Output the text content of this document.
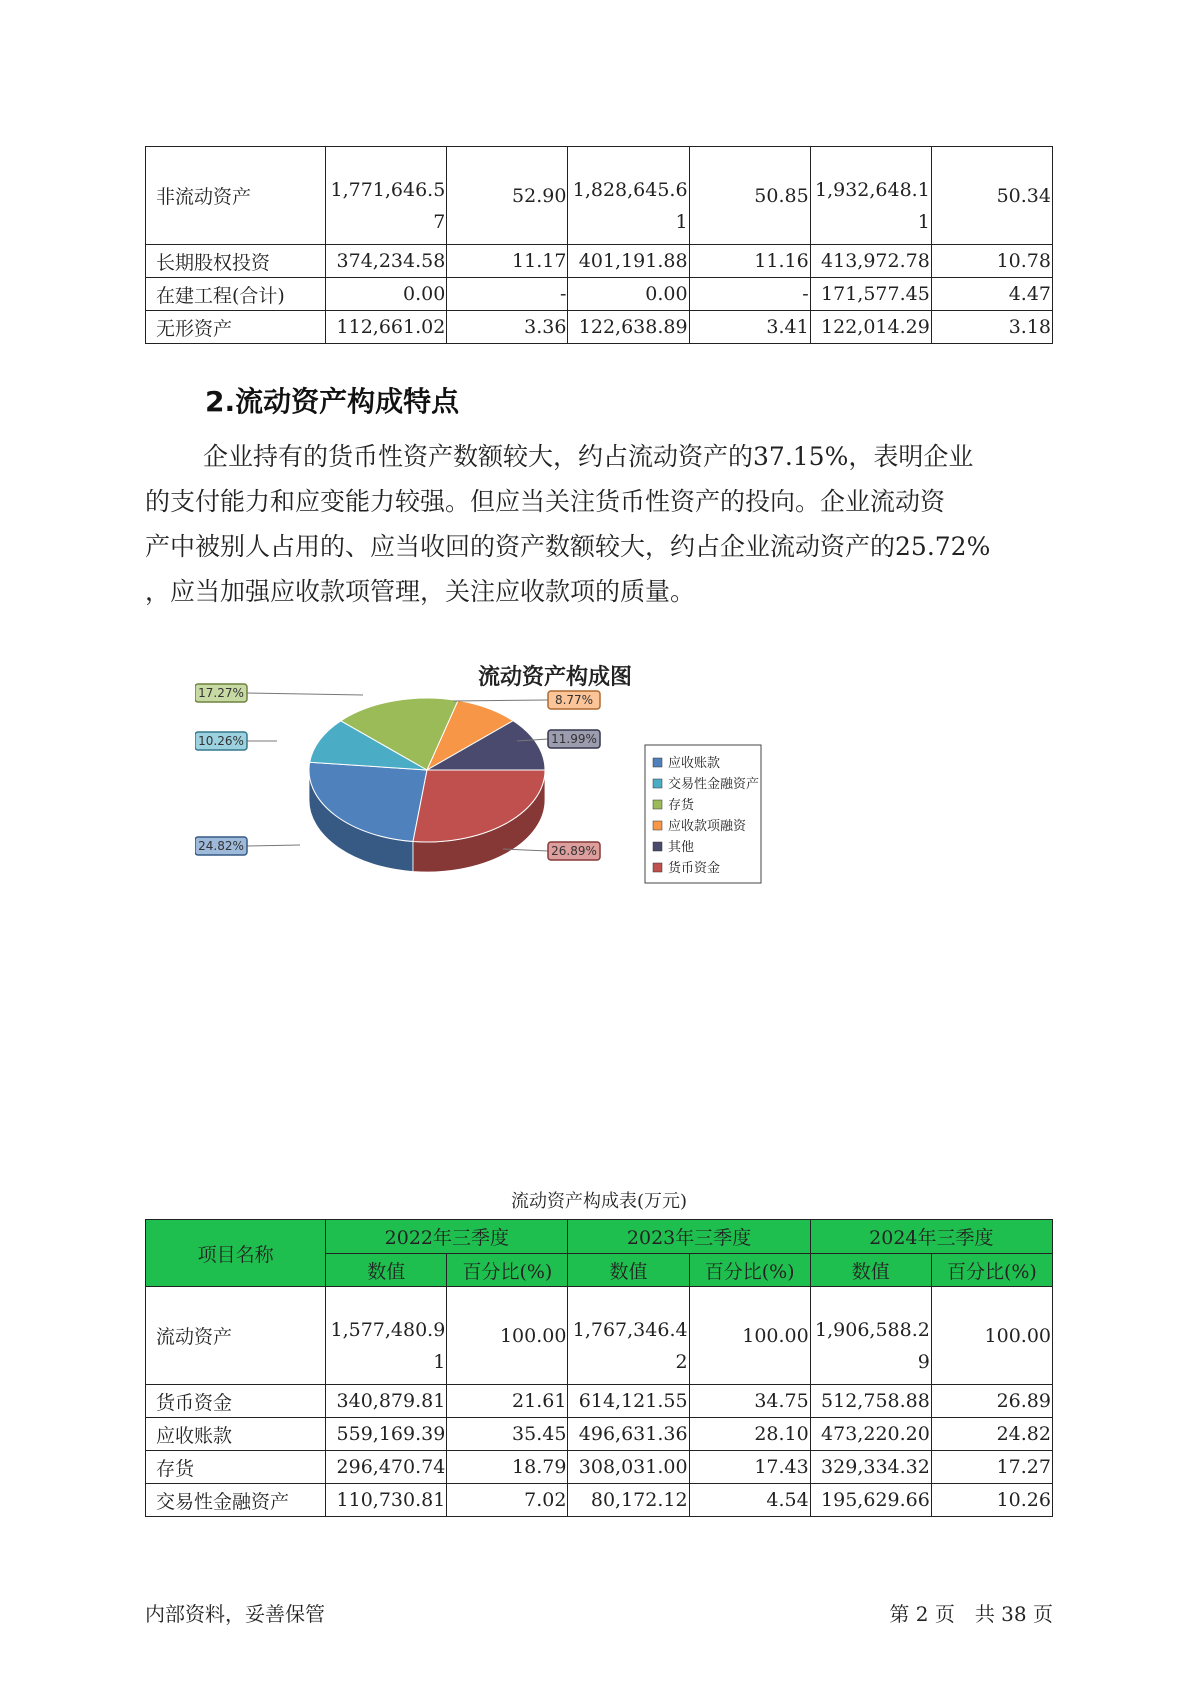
非流动资产	1,771,646.57	52.90	1,828,645.61	50.85	1,932,648.11	50.34
长期股权投资	374,234.58	11.17	401,191.88	11.16	413,972.78	10.78
在建工程(合计)	0.00	-	0.00	-	171,577.45	4.47
无形资产	112,661.02	3.36	122,638.89	3.41	122,014.29	3.18
2.流动资产构成特点

企业持有的货币性资产数额较大，约占流动资产的37.15%，表明企业
的支付能力和应变能力较强。但应当关注货币性资产的投向。企业流动资
产中被别人占用的、应当收回的资产数额较大，约占企业流动资产的25.72%
，应当加强应收款项管理，关注应收款项的质量。

流动资产构成图
24.82%
10.26%
17.27%	8.77%
11.99%
26.89%
应收账款
交易性金融资产
存货
应收款项融资
其他
货币资金
流动资产构成表(万元)
项目名称	2022年三季度		2023年三季度		2024年三季度	
	数值	百分比(%)	数值	百分比(%)	数值	百分比(%)
流动资产	1,577,480.91	100.00	1,767,346.42	100.00	1,906,588.29	100.00
货币资金	340,879.81	21.61	614,121.55	34.75	512,758.88	26.89
应收账款	559,169.39	35.45	496,631.36	28.10	473,220.20	24.82
存货	296,470.74	18.79	308,031.00	17.43	329,334.32	17.27
交易性金融资产	110,730.81	7.02	80,172.12	4.54	195,629.66	10.26
内部资料，妥善保管	第 2 页　共 38 页
